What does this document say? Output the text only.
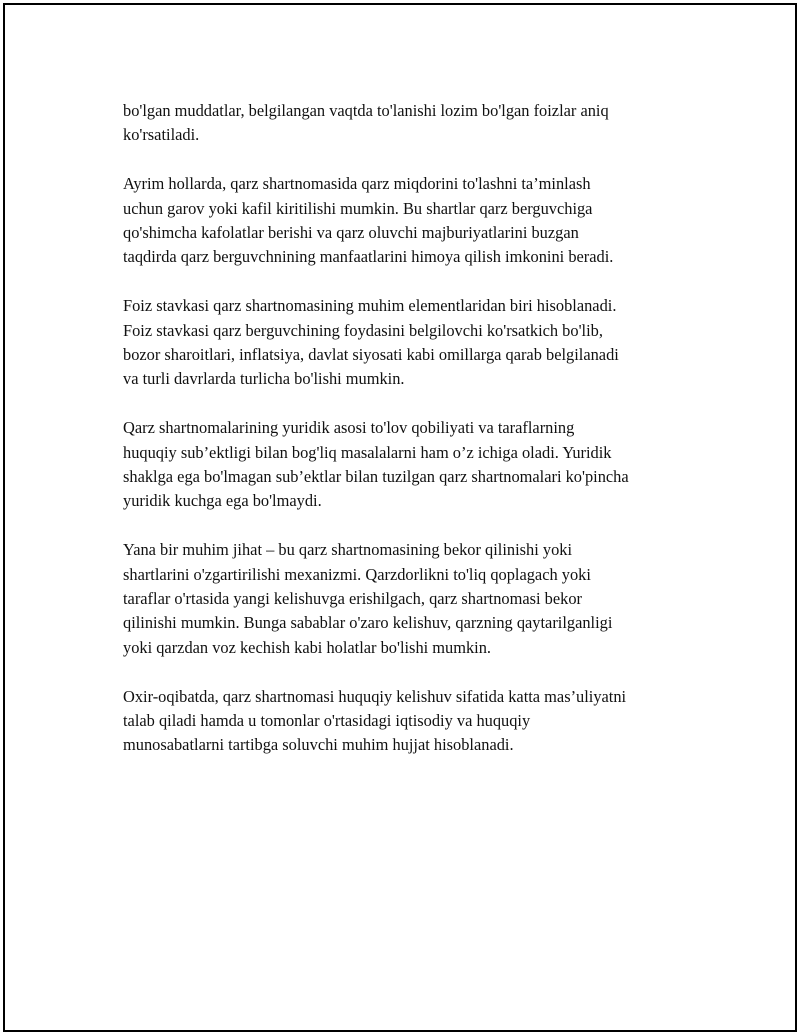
bo'lgan muddatlar, belgilangan vaqtda to'lanishi lozim bo'lgan foizlar aniq
ko'rsatiladi.

Ayrim hollarda, qarz shartnomasida qarz miqdorini to'lashni ta’minlash
uchun garov yoki kafil kiritilishi mumkin. Bu shartlar qarz berguvchiga
qo'shimcha kafolatlar berishi va qarz oluvchi majburiyatlarini buzgan
taqdirda qarz berguvchnining manfaatlarini himoya qilish imkonini beradi.

Foiz stavkasi qarz shartnomasining muhim elementlaridan biri hisoblanadi.
Foiz stavkasi qarz berguvchining foydasini belgilovchi ko'rsatkich bo'lib,
bozor sharoitlari, inflatsiya, davlat siyosati kabi omillarga qarab belgilanadi
va turli davrlarda turlicha bo'lishi mumkin.

Qarz shartnomalarining yuridik asosi to'lov qobiliyati va taraflarning
huquqiy sub’ektligi bilan bog'liq masalalarni ham o’z ichiga oladi. Yuridik
shaklga ega bo'lmagan sub’ektlar bilan tuzilgan qarz shartnomalari ko'pincha
yuridik kuchga ega bo'lmaydi.

Yana bir muhim jihat – bu qarz shartnomasining bekor qilinishi yoki
shartlarini o'zgartirilishi mexanizmi. Qarzdorlikni to'liq qoplagach yoki
taraflar o'rtasida yangi kelishuvga erishilgach, qarz shartnomasi bekor
qilinishi mumkin. Bunga sabablar o'zaro kelishuv, qarzning qaytarilganligi
yoki qarzdan voz kechish kabi holatlar bo'lishi mumkin.

Oxir-oqibatda, qarz shartnomasi huquqiy kelishuv sifatida katta mas’uliyatni
talab qiladi hamda u tomonlar o'rtasidagi iqtisodiy va huquqiy
munosabatlarni tartibga soluvchi muhim hujjat hisoblanadi.
